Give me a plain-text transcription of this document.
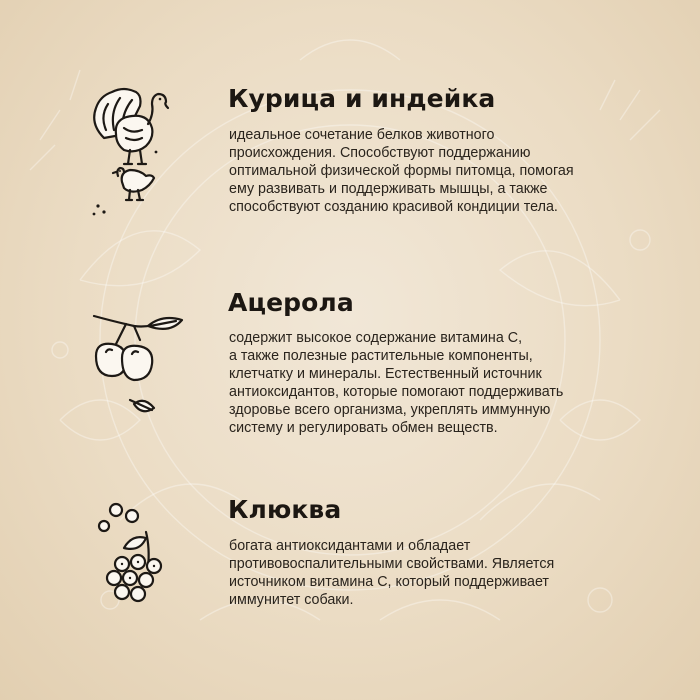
Курица и индейка

идеальное сочетание белков животного
происхождения. Способствуют поддержанию
оптимальной физической формы питомца, помогая
ему развивать и поддерживать мышцы, а также
способствуют созданию красивой кондиции тела.

Ацерола

содержит высокое содержание витамина С,
а также полезные растительные компоненты,
клетчатку и минералы. Естественный источник
антиоксидантов, которые помогают поддерживать
здоровье всего организма, укреплять иммунную
систему и регулировать обмен веществ.

Клюква

богата антиоксидантами и обладает
противовоспалительными свойствами. Является
источником витамина С, который поддерживает
иммунитет собаки.
